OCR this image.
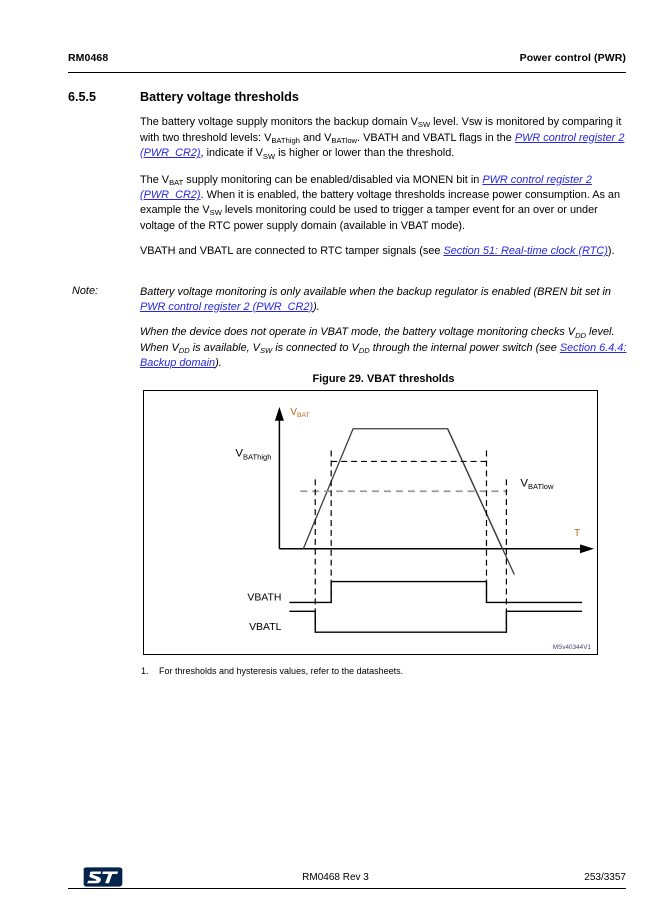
RM0468	Power control (PWR)
6.5.5	Battery voltage thresholds

The battery voltage supply monitors the backup domain $V_{SW}$ level. Vsw is monitored by comparing it with two threshold levels: $V_{BAThigh}$ and $V_{BATlow}$. VBATH and VBATL flags in the PWR control register 2 (PWR_CR2), indicate if $V_{SW}$ is higher or lower than the threshold.

The $V_{BAT}$ supply monitoring can be enabled/disabled via MONEN bit in PWR control register 2 (PWR_CR2). When it is enabled, the battery voltage thresholds increase power consumption. As an example the $V_{SW}$ levels monitoring could be used to trigger a tamper event for an over or under voltage of the RTC power supply domain (available in VBAT mode).

VBATH and VBATL are connected to RTC tamper signals (see Section 51: Real-time clock (RTC)).

Note:	Battery voltage monitoring is only available when the backup regulator is enabled (BREN bit set in PWR control register 2 (PWR_CR2)).

When the device does not operate in VBAT mode, the battery voltage monitoring checks $V_{DD}$ level. When $V_{DD}$ is available, $V_{SW}$ is connected to $V_{DD}$ through the internal power switch (see Section 6.4.4: Backup domain).

Figure 29. VBAT thresholds
$V_{BAT}$
T
$V_{BAThigh}$
$V_{BATlow}$
VBATH
VBATL
MSv40344V1
1. For thresholds and hysteresis values, refer to the datasheets.
RM0468 Rev 3	253/3357
